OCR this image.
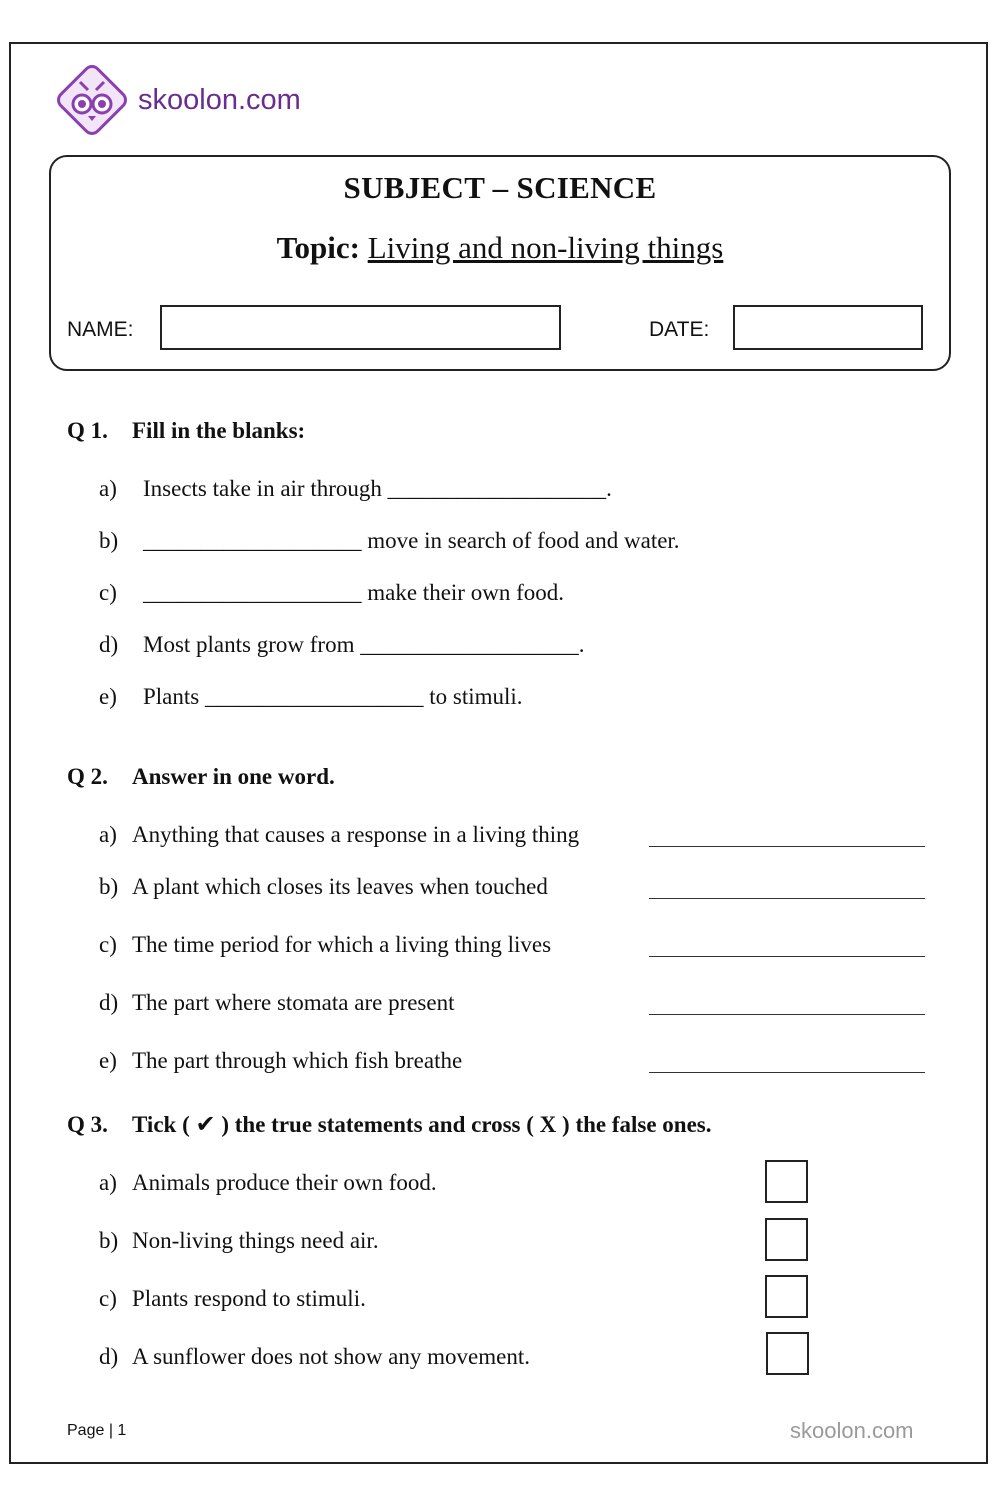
skoolon.com
SUBJECT – SCIENCE
Topic: Living and non-living things
NAME:	DATE:
Q 1. Fill in the blanks:
a) Insects take in air through ___________________.
b) ___________________ move in search of food and water.
c) ___________________ make their own food.
d) Most plants grow from ___________________.
e) Plants ___________________ to stimuli.
Q 2. Answer in one word.
a) Anything that causes a response in a living thing
b) A plant which closes its leaves when touched
c) The time period for which a living thing lives
d) The part where stomata are present
e) The part through which fish breathe
Q 3. Tick ( ✔ ) the true statements and cross ( X ) the false ones.
a) Animals produce their own food.
b) Non-living things need air.
c) Plants respond to stimuli.
d) A sunflower does not show any movement.
Page | 1	skoolon.com
